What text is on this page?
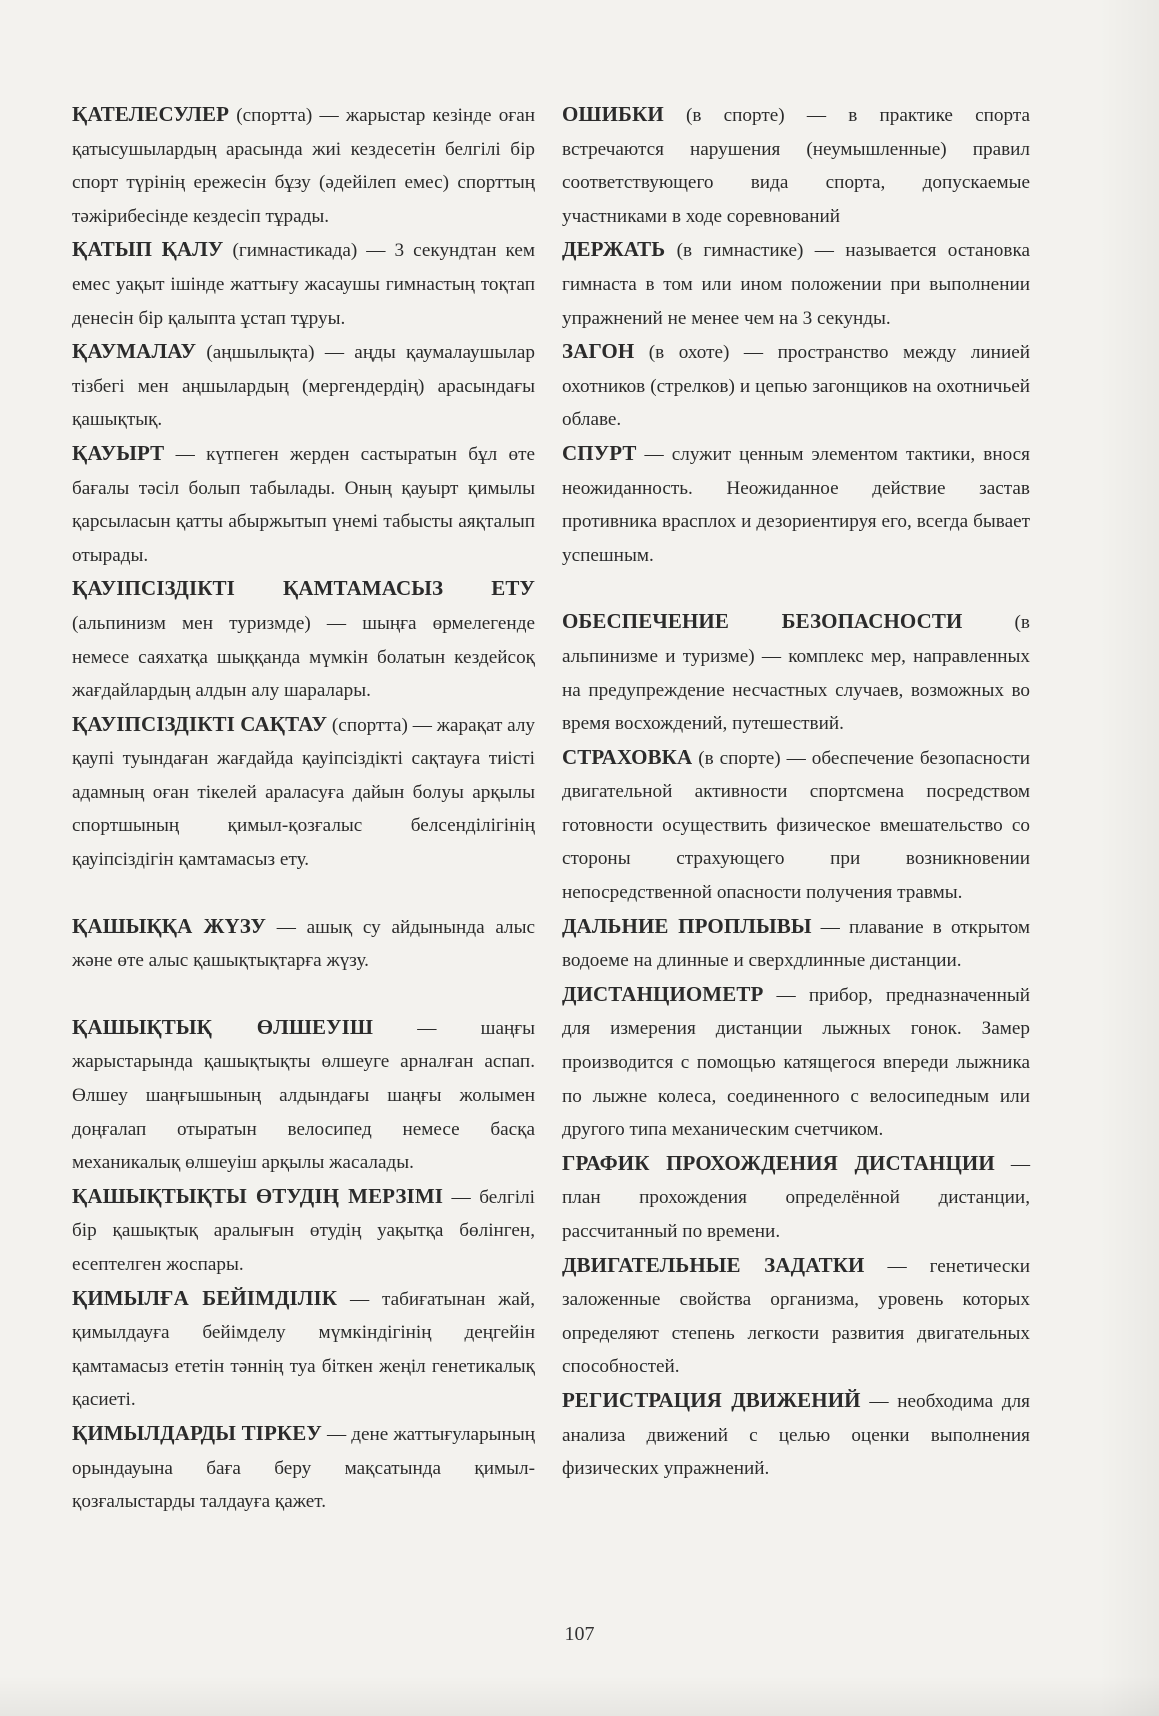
ҚАТЕЛЕСУЛЕР (спортта) — жарыстар кезінде оған қатысушылардың арасында жиі кездесетін белгілі бір спорт түрінің ережесін бұзу (әдейілеп емес) спорттың тәжірибесінде кездесіп тұрады.

ҚАТЫП ҚАЛУ (гимнастикада) — 3 секундтан кем емес уақыт ішінде жаттығу жасаушы гимнастың тоқтап денесін бір қалыпта ұстап тұруы.

ҚАУМАЛАУ (аңшылықта) — аңды қаумалаушылар тізбегі мен аңшылардың (мергендердің) арасындағы қашықтық.

ҚАУЫРТ — күтпеген жерден састыратын бұл өте бағалы тәсіл болып табылады. Оның қауырт қимылы қарсыласын қатты абыржытып үнемі табысты аяқталып отырады.

ҚАУІПСІЗДІКТІ ҚАМТАМАСЫЗ ЕТУ (альпинизм мен туризмде) — шыңға өрмелегенде немесе саяхатқа шыққанда мүмкін болатын кездейсоқ жағдайлардың алдын алу шаралары.

ҚАУІПСІЗДІКТІ САҚТАУ (спортта) — жарақат алу қаупі туындаған жағдайда қауіпсіздікті сақтауға тиісті адамның оған тікелей араласуға дайын болуы арқылы спортшының қимыл-қозғалыс белсенділігінің қауіпсіздігін қамтамасыз ету.

ҚАШЫҚҚА ЖҮЗУ — ашық су айдынында алыс және өте алыс қашықтықтарға жүзу.

ҚАШЫҚТЫҚ ӨЛШЕУІШ — шаңғы жарыстарында қашықтықты өлшеуге арналған аспап. Өлшеу шаңғышының алдындағы шаңғы жолымен доңғалап отыратын велосипед немесе басқа механикалық өлшеуіш арқылы жасалады.

ҚАШЫҚТЫҚТЫ ӨТУДІҢ МЕРЗІМІ — белгілі бір қашықтық аралығын өтудің уақытқа бөлінген, есептелген жоспары.

ҚИМЫЛҒА БЕЙІМДІЛІК — табиғатынан жай, қимылдауға бейімделу мүмкіндігінің деңгейін қамтамасыз ететін тәннің туа біткен жеңіл генетикалық қасиеті.

ҚИМЫЛДАРДЫ ТІРКЕУ — дене жаттығуларының орындауына баға беру мақсатында қимыл-қозғалыстарды талдауға қажет.

ОШИБКИ (в спорте) — в практике спорта встречаются нарушения (неумышленные) правил соответствующего вида спорта, допускаемые участниками в ходе соревнований

ДЕРЖАТЬ (в гимнастике) — называется остановка гимнаста в том или ином положении при выполнении упражнений не менее чем на 3 секунды.

ЗАГОН (в охоте) — пространство между линией охотников (стрелков) и цепью загонщиков на охотничьей облаве.

СПУРТ — служит ценным элементом тактики, внося неожиданность. Неожиданное действие застав противника врасплох и дезориентируя его, всегда бывает успешным.

ОБЕСПЕЧЕНИЕ БЕЗОПАСНОСТИ (в альпинизме и туризме) — комплекс мер, направленных на предупреждение несчастных случаев, возможных во время восхождений, путешествий.

СТРАХОВКА (в спорте) — обеспечение безопасности двигательной активности спортсмена посредством готовности осуществить физическое вмешательство со стороны страхующего при возникновении непосредственной опасности получения травмы.

ДАЛЬНИЕ ПРОПЛЫВЫ — плавание в открытом водоеме на длинные и сверхдлинные дистанции.

ДИСТАНЦИОМЕТР — прибор, предназначенный для измерения дистанции лыжных гонок. Замер производится с помощью катящегося впереди лыжника по лыжне колеса, соединенного с велосипедным или другого типа механическим счетчиком.

ГРАФИК ПРОХОЖДЕНИЯ ДИСТАНЦИИ — план прохождения определённой дистанции, рассчитанный по времени.

ДВИГАТЕЛЬНЫЕ ЗАДАТКИ — генетически заложенные свойства организма, уровень которых определяют степень легкости развития двигательных способностей.

РЕГИСТРАЦИЯ ДВИЖЕНИЙ — необходима для анализа движений с целью оценки выполнения физических упражнений.

107
